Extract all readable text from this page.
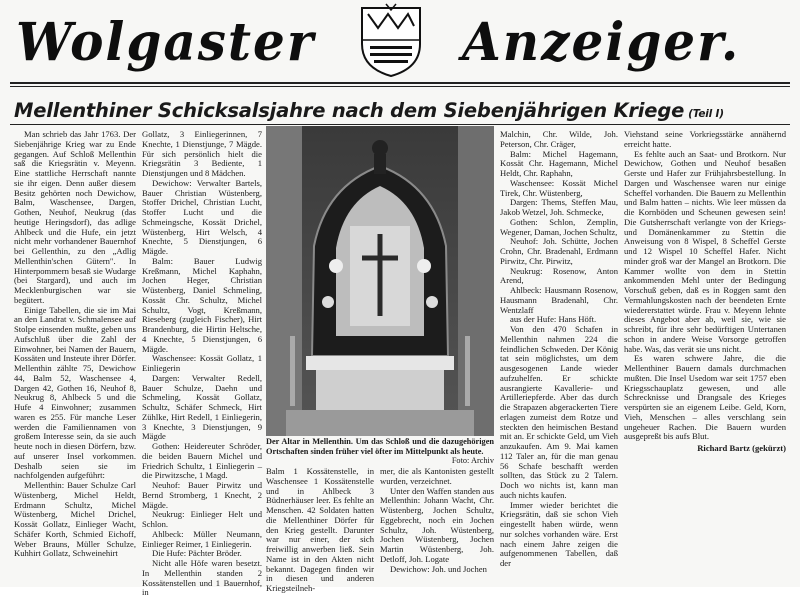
Wolgaster	Anzeiger.
Mellenthiner Schicksalsjahre nach dem Siebenjährigen Kriege (Teil I)

Man schrieb das Jahr 1763. Der Siebenjährige Krieg war zu Ende gegangen. Auf Schloß Mellenthin saß die Kriegsrätin v. Meyenn. Eine stattliche Herrschaft nannte sie ihr eigen. Denn außer diesem Besitz gehörten noch Dewichow, Balm, Waschensee, Dargen, Gothen, Neuhof, Neukrug (das heutige Heringsdorf), das adlige Ahlbeck und die Hufe, ein jetzt nicht mehr vorhandener Bauernhof bei Gellenthin, zu den „Adlig Mellenthin'schen Gütern". In Hinterpommern besaß sie Wudarge (bei Stargard), und auch im Mecklenburgischen war sie begütert.

Einige Tabellen, die sie im Mai an den Landrat v. Schmalensee auf Stolpe einsenden mußte, geben uns Aufschluß über die Zahl der Einwohner, bei Namen der Bauern, Kossäten und Insteute ihrer Dörfer. Mellenthin zählte 75, Dewichow 44, Balm 52, Waschensee 4, Dargen 42, Gothen 16, Neuhof 8, Neukrug 8, Ahlbeck 5 und die Hufe 4 Einwohner; zusammen waren es 255. Für manche Leser werden die Familiennamen von großem Interesse sein, da sie auch heute noch in diesen Dörfern, bzw. auf unserer Insel vorkommen. Deshalb seien sie im nachfolgenden aufgeführt:

Mellenthin: Bauer Schulze Carl Wüstenberg, Michel Heldt, Erdmann Schultz, Michel Wüstenberg, Michel Drichel, Kossät Gollatz, Einlieger Wacht, Schäfer Korth, Schmied Eichoff, Weber Brauns, Müller Schulze, Kuhhirt Gollatz, Schweinehirt

Gollatz, 3 Einliegerinnen, 7 Knechte, 1 Dienstjunge, 7 Mägde. Für sich persönlich hielt die Kriegsrätin 3 Bediente, 1 Dienstjungen und 8 Mädchen.

Dewichow: Verwalter Bartels, Bauer Christian Wüstenberg, Stoffer Drichel, Christian Lucht, Stoffer Lucht und die Schmeingsche, Kossät Drichel, Wüstenberg, Hirt Welsch, 4 Knechte, 5 Dienstjungen, 6 Mägde.

Balm: Bauer Ludwig Kreßmann, Michel Kaphahn, Jochen Heger, Christian Wüstenberg, Daniel Schmeling, Kossät Chr. Schultz, Michel Schultz, Vogt, Kreßmann, Rieseberg (zugleich Fischer), Hirt Brandenburg, die Hirtin Heltsche, 4 Knechte, 5 Dienstjungen, 6 Mägde.

Waschensee: Kossät Gollatz, 1 Einliegerin

Dargen: Verwalter Redell, Bauer Schulze, Daehn und Schmeling, Kossät Gollatz, Schultz, Schäfer Schmeck, Hirt Zühlke, Hirt Redell, 1 Einliegerin, 3 Knechte, 3 Dienstjungen, 9 Mägde

Gothen: Heidereuter Schröder, die beiden Bauern Michel und Friedrich Schultz, 1 Einliegerin – die Pirwitzsche, 1 Magd.

Neuhof: Bauer Pirwitz und Bernd Stromberg, 1 Knecht, 2 Mägde.

Neukrug: Einlieger Helt und Schlon.

Ahlbeck: Müller Neumann, Einlieger Reimer, 1 Einliegerin.

Die Hufe: Pächter Bröder.

Nicht alle Höfe waren besetzt. In Mellenthin standen 2 Kossätenstellen und 1 Bauernhof, in

Der Altar in Mellenthin. Um das Schloß und die dazugehörigen Ortschaften sinden früher viel öfter im Mittelpunkt als heute.
Foto: Archiv

Balm 1 Kossätenstelle, in Waschensee 1 Kossätenstelle und in Ahlbeck 3 Büdnerhäuser leer. Es fehlte an Menschen. 42 Soldaten hatten die Mellenthiner Dörfer für den Krieg gestellt. Darunter war nur einer, der sich freiwillig anwerben ließ. Sein Name ist in den Akten nicht bekannt. Dagegen finden wir in diesen und anderen Kriegsteilneh-

mer, die als Kantonisten gestellt wurden, verzeichnet.

Unter den Waffen standen aus Mellenthin: Johann Wacht, Chr. Wüstenberg, Jochen Schultz, Eggebrecht, noch ein Jochen Schultz, Joh. Wüstenberg, Jochen Wüstenberg, Jochen Martin Wüstenberg, Joh. Detloff, Joh. Logate

Dewichow: Joh. und Jochen

Malchin, Chr. Wilde, Joh. Peterson, Chr. Cräger,

Balm: Michel Hagemann, Kossät Chr. Hagemann, Michel Heldt, Chr. Raphahn,

Waschensee: Kossät Michel Tirek, Chr. Wüstenberg,

Dargen: Thems, Steffen Mau, Jakob Wetzel, Joh. Schmecke,

Gothen: Schlon, Zemplin, Wegener, Daman, Jochen Schultz,

Neuhof: Joh. Schütte, Jochen Crohn, Chr. Bradenahl, Erdmann Pirwitz, Chr. Pirwitz,

Neukrug: Rosenow, Anton Arend,

Ahlbeck: Hausmann Rosenow, Hausmann Bradenahl, Chr. Wentzlaff

aus der Hufe: Hans Höft.

Von den 470 Schafen in Mellenthin nahmen 224 die feindlichen Schweden. Der König tat sein möglichstes, um dem ausgesogenen Lande wieder aufzuhelfen. Er schickte ausrangierte Kavallerie- und Artilleriepferde. Aber das durch die Strapazen abgerackerten Tiere erlagen zumeist dem Rotze und steckten den heimischen Bestand mit an. Er schickte Geld, um Vieh anzukaufen. Am 9. Mai kamen 112 Taler an, für die man genau 56 Schafe beschafft werden sollten, das Stück zu 2 Talern. Doch wo nichts ist, kann man auch nichts kaufen.

Immer wieder berichtet die Kriegsrätin, daß sie schon Vieh eingestellt haben würde, wenn nur solches vorhanden wäre. Erst nach einem Jahre zeigen die aufgenommenen Tabellen, daß der

Viehstand seine Vorkriegsstärke annähernd erreicht hatte.

Es fehlte auch an Saat- und Brotkorn. Nur Dewichow, Gothen und Neuhof besaßen Gerste und Hafer zur Frühjahrsbestellung. In Dargen und Waschensee waren nur einige Scheffel vorhanden. Die Bauern zu Mellenthin und Balm hatten – nichts. Wie leer müssen da die Kornböden und Scheunen gewesen sein! Die Gutsherrschaft verlangte von der Kriegs- und Domänenkammer zu Stettin die Anweisung von 8 Wispel, 8 Scheffel Gerste und 12 Wispel 10 Scheffel Hafer. Nicht minder groß war der Mangel an Brotkorn. Die Kammer wollte von dem in Stettin ankommenden Mehl unter der Bedingung Vorschuß geben, daß es in Roggen samt den Vermahlungskosten nach der beendeten Ernte wiedererstattet würde. Frau v. Meyenn lehnte dieses Angebot aber ab, weil sie, wie sie schreibt, für ihre sehr bedürftigen Untertanen schon in andere Weise Vorsorge getroffen habe. Was, das verät sie uns nicht.

Es waren schwere Jahre, die die Mellenthiner Bauern damals durchmachen mußten. Die Insel Usedom war seit 1757 eben Kriegsschauplatz gewesen, und alle Schrecknisse und Drangsale des Krieges verspürten sie an eigenem Leibe. Geld, Korn, Vieh, Menschen – alles verschlang sein ungeheuer Rachen. Die Bauern wurden ausgepreßt bis aufs Blut.

Richard Bartz (gekürzt)
